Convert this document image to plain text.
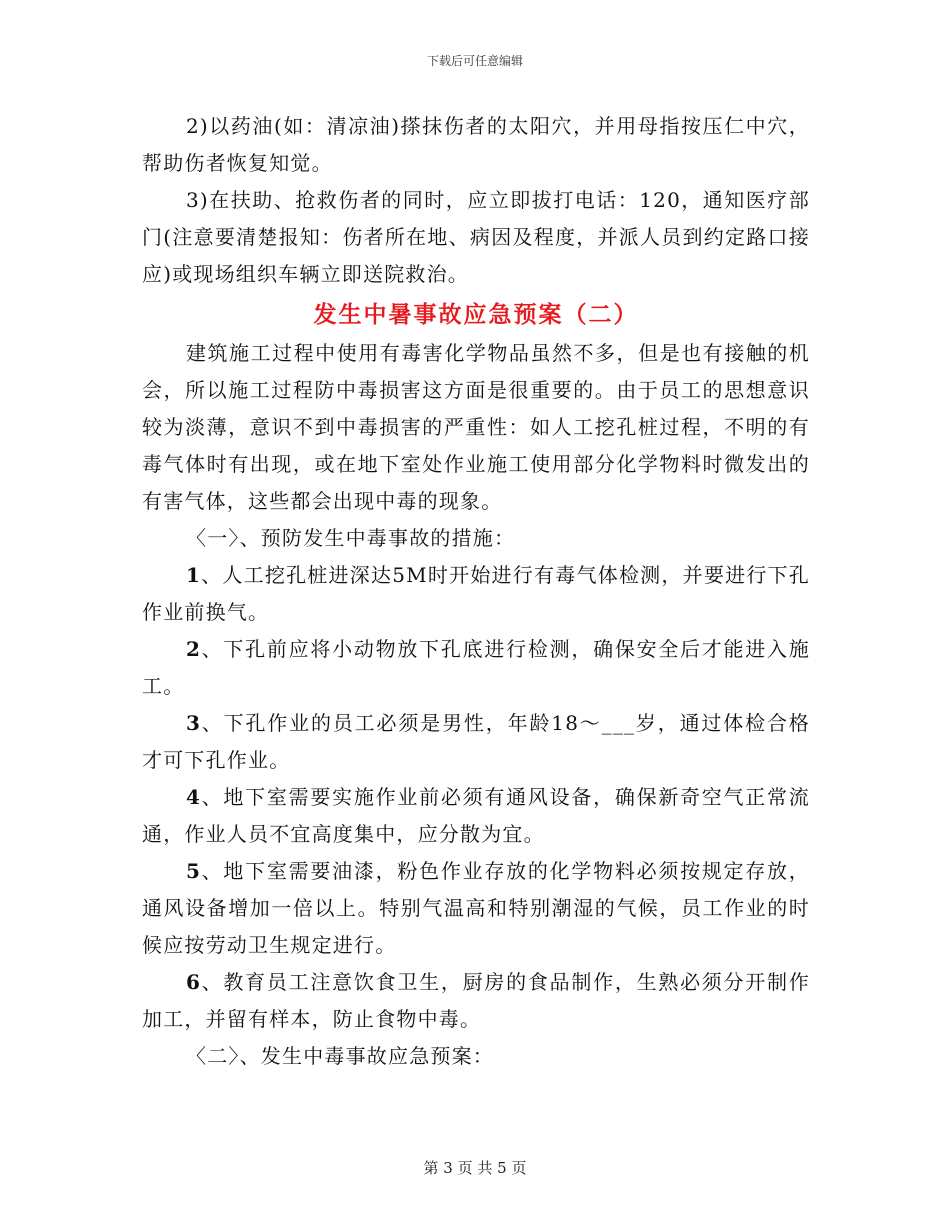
下载后可任意编辑

2)以药油(如：清凉油)搽抹伤者的太阳穴，并用母指按压仁中穴，帮助伤者恢复知觉。

3)在扶助、抢救伤者的同时，应立即拔打电话：120，通知医疗部门(注意要清楚报知：伤者所在地、病因及程度，并派人员到约定路口接应)或现场组织车辆立即送院救治。

发生中暑事故应急预案（二）

建筑施工过程中使用有毒害化学物品虽然不多，但是也有接触的机会，所以施工过程防中毒损害这方面是很重要的。由于员工的思想意识较为淡薄，意识不到中毒损害的严重性：如人工挖孔桩过程，不明的有毒气体时有出现，或在地下室处作业施工使用部分化学物料时微发出的有害气体，这些都会出现中毒的现象。

〈一〉、预防发生中毒事故的措施：

1、人工挖孔桩进深达5M时开始进行有毒气体检测，并要进行下孔作业前换气。

2、下孔前应将小动物放下孔底进行检测，确保安全后才能进入施工。

3、下孔作业的员工必须是男性，年龄18～___岁，通过体检合格才可下孔作业。

4、地下室需要实施作业前必须有通风设备，确保新奇空气正常流通，作业人员不宜高度集中，应分散为宜。

5、地下室需要油漆，粉色作业存放的化学物料必须按规定存放，通风设备增加一倍以上。特别气温高和特别潮湿的气候，员工作业的时候应按劳动卫生规定进行。

6、教育员工注意饮食卫生，厨房的食品制作，生熟必须分开制作加工，并留有样本，防止食物中毒。

〈二〉、发生中毒事故应急预案：

第 3 页 共 5 页
